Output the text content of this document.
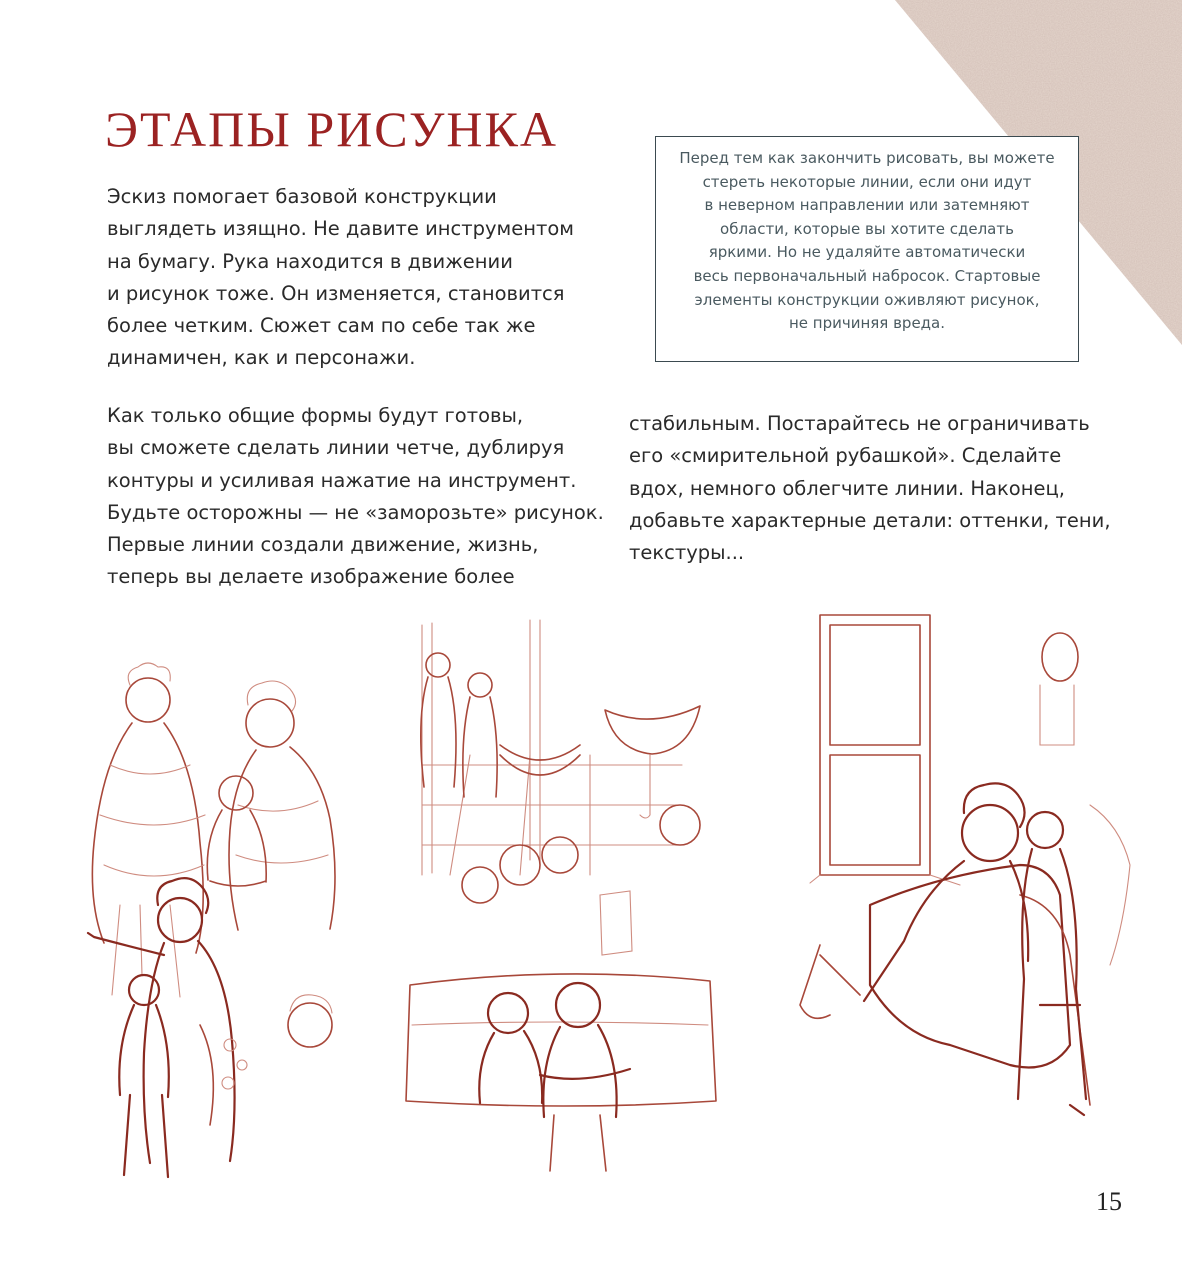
ЭТАПЫ РИСУНКА
Эскиз помогает базовой конструкции
выглядеть изящно. Не давите инструментом
на бумагу. Рука находится в движении
и рисунок тоже. Он изменяется, становится
более четким. Сюжет сам по себе так же
динамичен, как и персонажи.
Перед тем как закончить рисовать, вы можете
стереть некоторые линии, если они идут
в неверном направлении или затемняют
области, которые вы хотите сделать
яркими. Но не удаляйте автоматически
весь первоначальный набросок. Стартовые
элементы конструкции оживляют рисунок,
не причиняя вреда.
Как только общие формы будут готовы,
вы сможете сделать линии четче, дублируя
контуры и усиливая нажатие на инструмент.
Будьте осторожны — не «заморозьте» рисунок.
Первые линии создали движение, жизнь,
теперь вы делаете изображение более
стабильным. Постарайтесь не ограничивать
его «смирительной рубашкой». Сделайте
вдох, немного облегчите линии. Наконец,
добавьте характерные детали: оттенки, тени,
текстуры...
15
